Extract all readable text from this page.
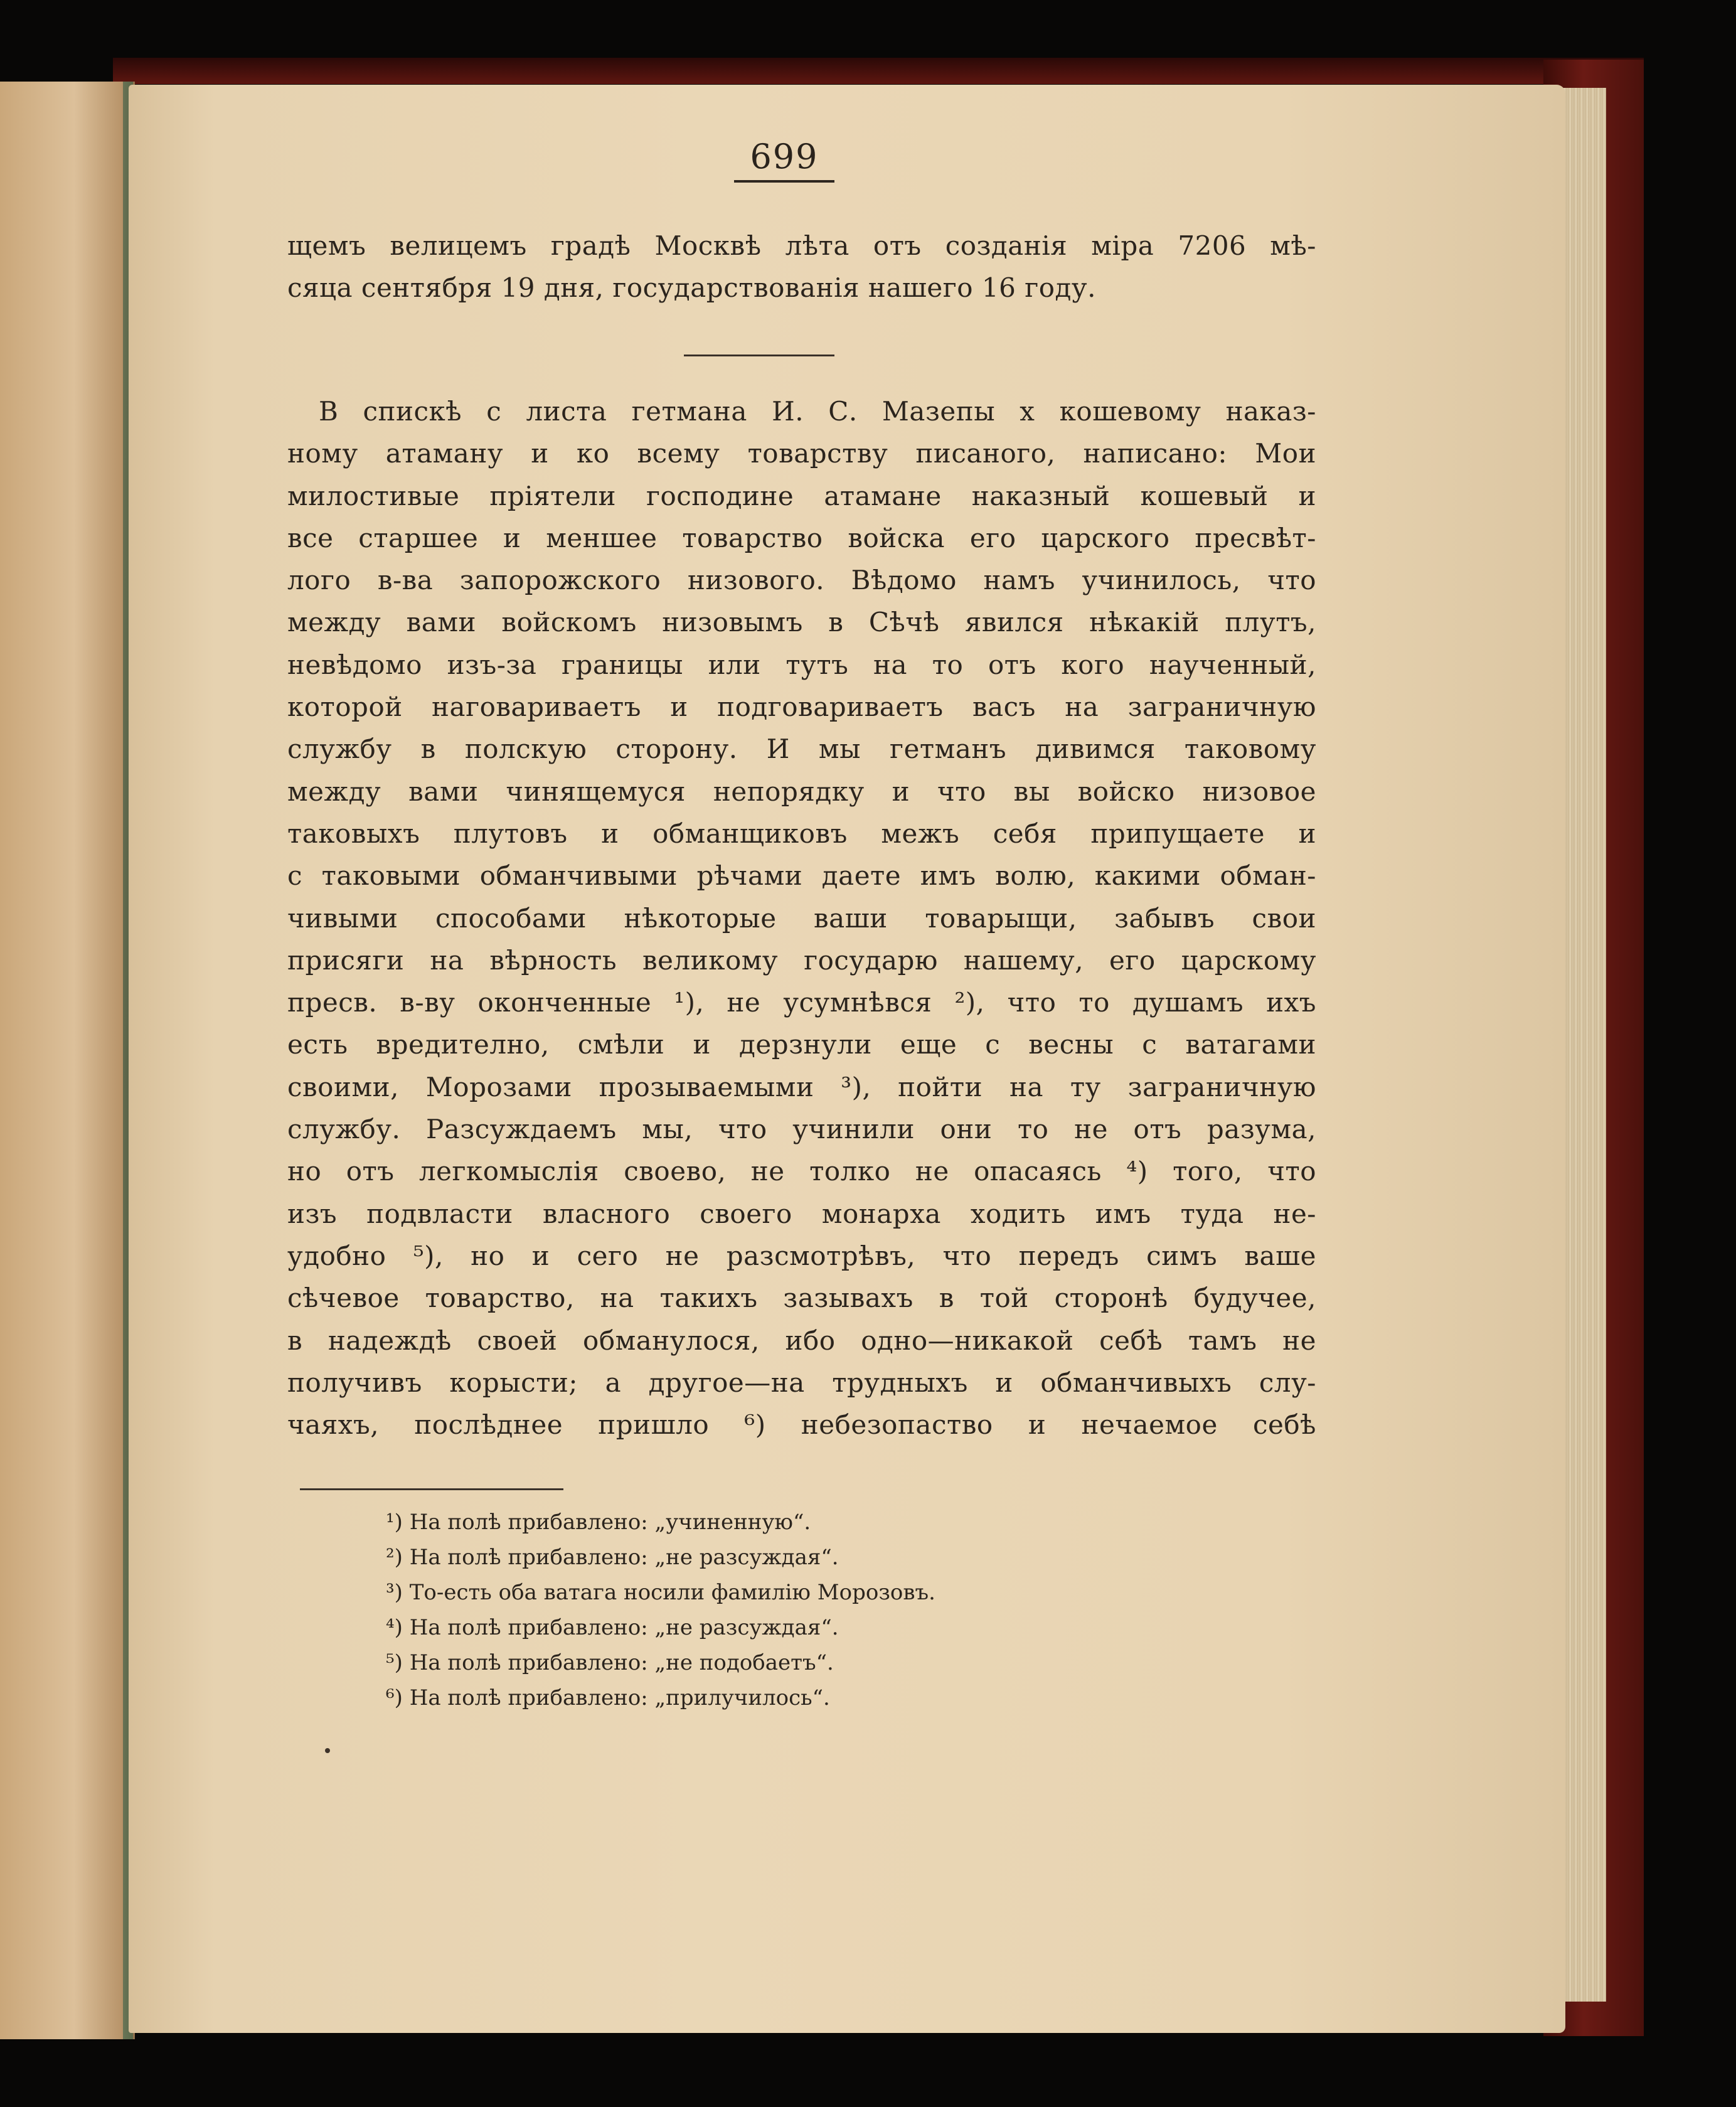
699
щемъ велицемъ градѣ Москвѣ лѣта отъ созданія міра 7206 мѣ-
сяца сентября 19 дня, государствованія нашего 16 году.
В спискѣ с листа гетмана И. С. Мазепы х кошевому наказ-
ному атаману и ко всему товарству писаного, написано: Мои
милостивые пріятели господине атамане наказный кошевый и
все старшее и меншее товарство войска его царского пресвѣт-
лого в-ва запорожского низового. Вѣдомо намъ учинилось, что
между вами войскомъ низовымъ в Сѣчѣ явился нѣкакій плутъ,
невѣдомо изъ-за границы или тутъ на то отъ кого наученный,
которой наговариваетъ и подговариваетъ васъ на заграничную
службу в полскую сторону. И мы гетманъ дивимся таковому
между вами чинящемуся непорядку и что вы войско низовое
таковыхъ плутовъ и обманщиковъ межъ себя припущаете и
с таковыми обманчивыми рѣчами даете имъ волю, какими обман-
чивыми способами нѣкоторые ваши товарыщи, забывъ свои
присяги на вѣрность великому государю нашему, его царскому
пресв. в-ву оконченные ¹), не усумнѣвся ²), что то душамъ ихъ
есть вредително, смѣли и дерзнули еще с весны с ватагами
своими, Морозами прозываемыми ³), пойти на ту заграничную
службу. Разсуждаемъ мы, что учинили они то не отъ разума,
но отъ легкомыслія своево, не толко не опасаясь ⁴) того, что
изъ подвласти власного своего монарха ходить имъ туда не-
удобно ⁵), но и сего не разсмотрѣвъ, что передъ симъ ваше
сѣчевое товарство, на такихъ зазывахъ в той сторонѣ будучее,
в надеждѣ своей обманулося, ибо одно—никакой себѣ тамъ не
получивъ корысти; а другое—на трудныхъ и обманчивыхъ слу-
чаяхъ, послѣднее пришло ⁶) небезопаство и нечаемое себѣ
¹) На полѣ прибавлено: „учиненную“.
²) На полѣ прибавлено: „не разсуждая“.
³) То-есть оба ватага носили фамилію Морозовъ.
⁴) На полѣ прибавлено: „не разсуждая“.
⁵) На полѣ прибавлено: „не подобаетъ“.
⁶) На полѣ прибавлено: „прилучилось“.
